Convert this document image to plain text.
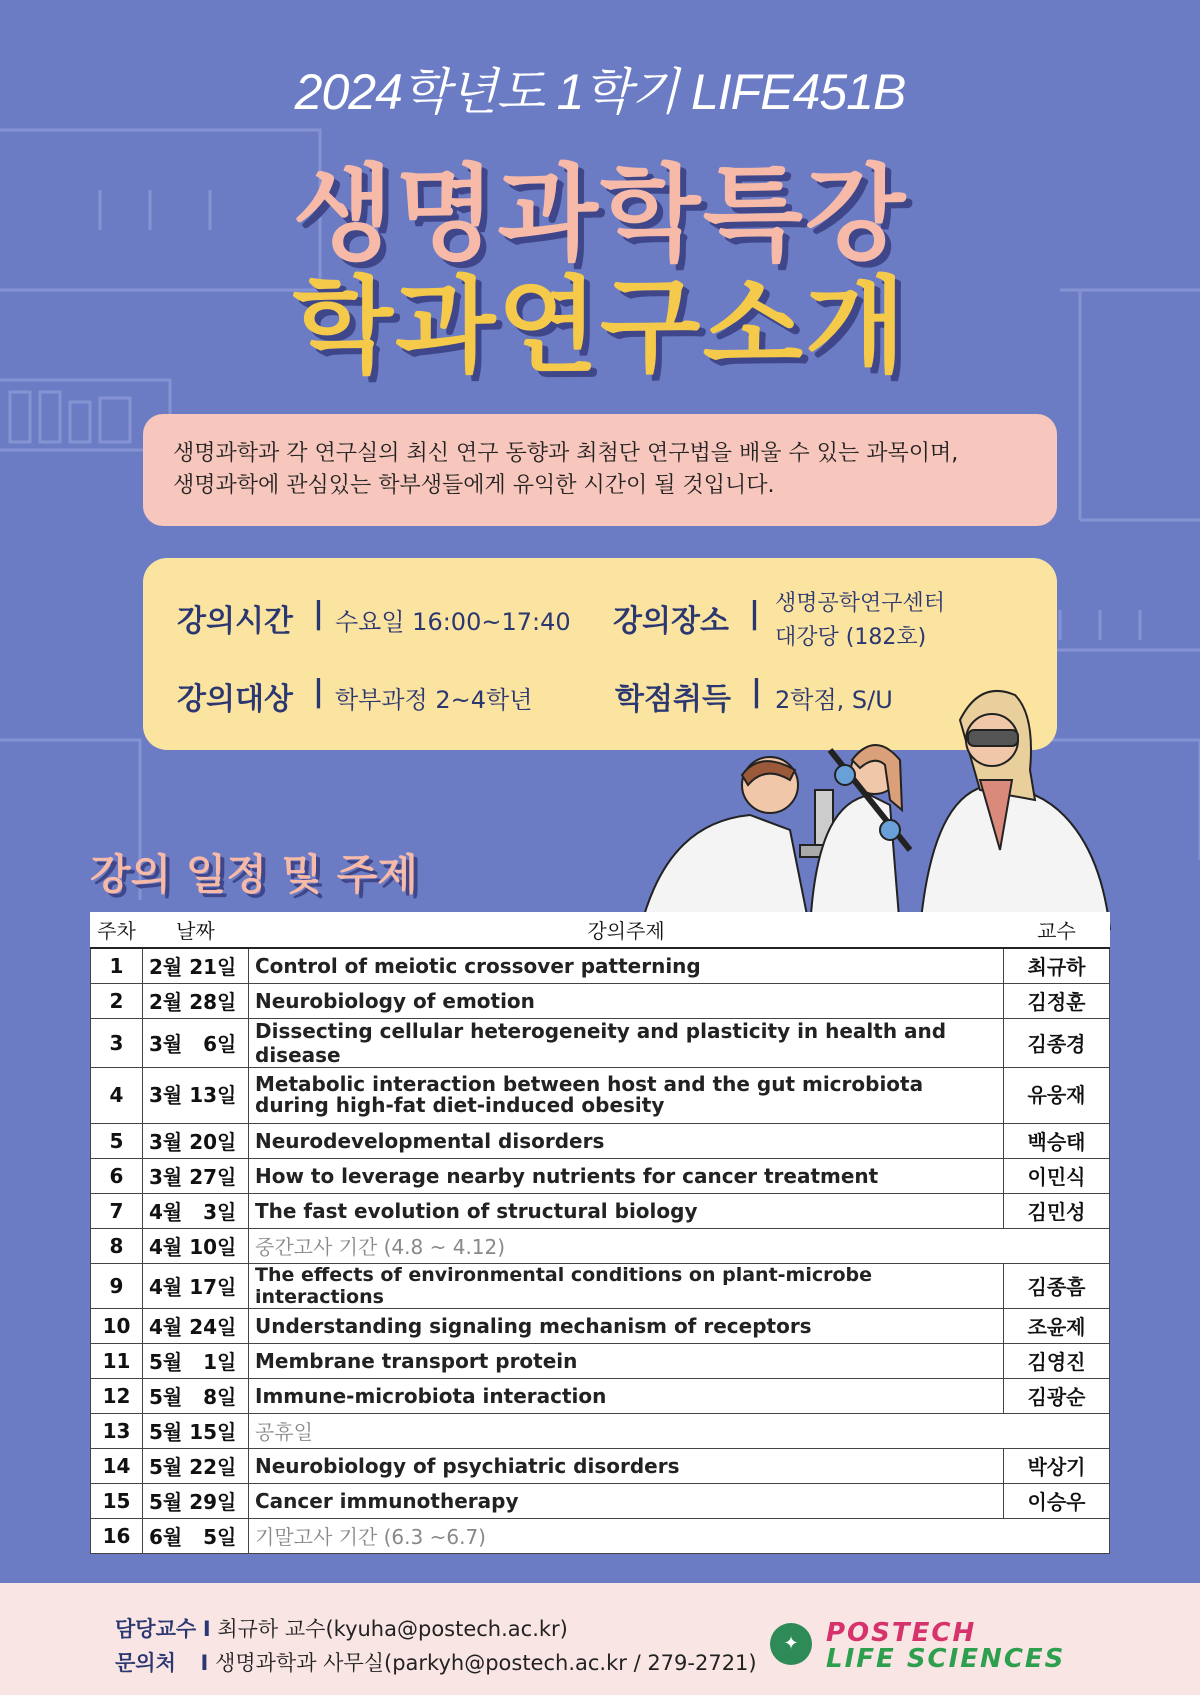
2024학년도 1학기 LIFE451B
생명과학특강
학과연구소개

생명과학과 각 연구실의 최신 연구 동향과 최첨단 연구법을 배울 수 있는 과목이며,

생명과학에 관심있는 학부생들에게 유익한 시간이 될 것입니다.

강의시간 | 수요일 16:00~17:40 강의장소 | 생명공학연구센터
대강당 (182호)
강의대상 | 학부과정 2~4학년	학점취득 | 2학점, S/U
강의 일정 및 주제
주차	날짜	강의주제	교수
1	2월 21일	Control of meiotic crossover patterning	최규하
2	2월 28일	Neurobiology of emotion	김정훈
3	3월   6일	Dissecting cellular heterogeneity and plasticity in health and disease	김종경
4	3월 13일	Metabolic interaction between host and the gut microbiota
during high-fat diet-induced obesity	유웅재
5	3월 20일	Neurodevelopmental disorders	백승태
6	3월 27일	How to leverage nearby nutrients for cancer treatment	이민식
7	4월   3일	The fast evolution of structural biology	김민성
8	4월 10일	중간고사 기간 (4.8 ~ 4.12)	
9	4월 17일	The effects of environmental conditions on plant-microbe interactions	김종흠
10	4월 24일	Understanding signaling mechanism of receptors	조윤제
11	5월   1일	Membrane transport protein	김영진
12	5월   8일	Immune-microbiota interaction	김광순
13	5월 15일	공휴일	
14	5월 22일	Neurobiology of psychiatric disorders	박상기
15	5월 29일	Cancer immunotherapy	이승우
16	6월   5일	기말고사 기간 (6.3 ~6.7)	
담당교수 I 최규하 교수(kyuha@postech.ac.kr)
문의처 I 생명과학과 사무실(parkyh@postech.ac.kr / 279-2721)
✦	POSTECH
LIFE SCIENCES
